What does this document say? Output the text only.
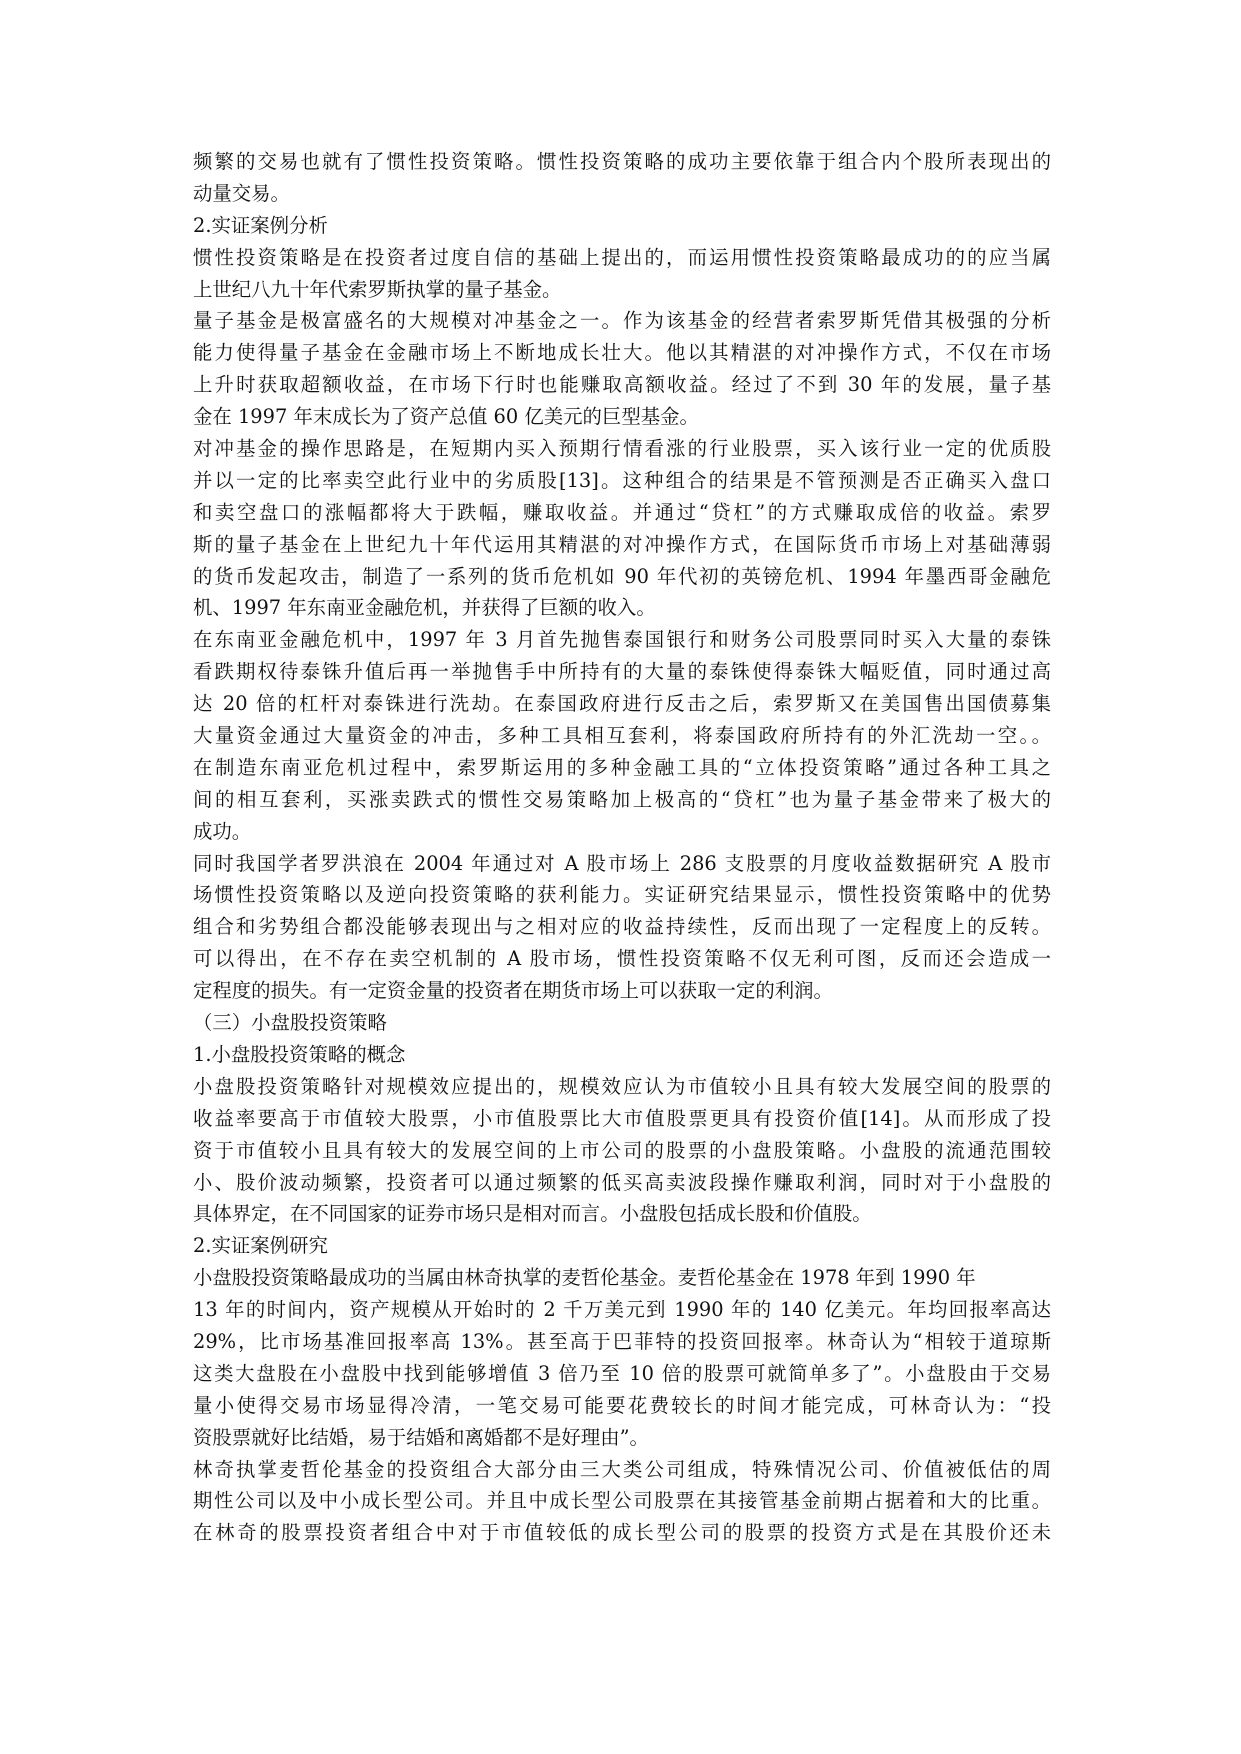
频繁的交易也就有了惯性投资策略。惯性投资策略的成功主要依靠于组合内个股所表现出的
动量交易。
2.实证案例分析
惯性投资策略是在投资者过度自信的基础上提出的，而运用惯性投资策略最成功的的应当属
上世纪八九十年代索罗斯执掌的量子基金。
量子基金是极富盛名的大规模对冲基金之一。作为该基金的经营者索罗斯凭借其极强的分析
能力使得量子基金在金融市场上不断地成长壮大。他以其精湛的对冲操作方式，不仅在市场
上升时获取超额收益，在市场下行时也能赚取高额收益。经过了不到 30 年的发展，量子基
金在 1997 年末成长为了资产总值 60 亿美元的巨型基金。
对冲基金的操作思路是，在短期内买入预期行情看涨的行业股票，买入该行业一定的优质股
并以一定的比率卖空此行业中的劣质股[13]。这种组合的结果是不管预测是否正确买入盘口
和卖空盘口的涨幅都将大于跌幅，赚取收益。并通过“贷杠”的方式赚取成倍的收益。索罗
斯的量子基金在上世纪九十年代运用其精湛的对冲操作方式，在国际货币市场上对基础薄弱
的货币发起攻击，制造了一系列的货币危机如 90 年代初的英镑危机、1994 年墨西哥金融危
机、1997 年东南亚金融危机，并获得了巨额的收入。
在东南亚金融危机中，1997 年 3 月首先抛售泰国银行和财务公司股票同时买入大量的泰铢
看跌期权待泰铢升值后再一举抛售手中所持有的大量的泰铢使得泰铢大幅贬值，同时通过高
达 20 倍的杠杆对泰铢进行洗劫。在泰国政府进行反击之后，索罗斯又在美国售出国债募集
大量资金通过大量资金的冲击，多种工具相互套利，将泰国政府所持有的外汇洗劫一空。。
在制造东南亚危机过程中，索罗斯运用的多种金融工具的“立体投资策略”通过各种工具之
间的相互套利，买涨卖跌式的惯性交易策略加上极高的“贷杠”也为量子基金带来了极大的
成功。
同时我国学者罗洪浪在 2004 年通过对 A 股市场上 286 支股票的月度收益数据研究 A 股市
场惯性投资策略以及逆向投资策略的获利能力。实证研究结果显示，惯性投资策略中的优势
组合和劣势组合都没能够表现出与之相对应的收益持续性，反而出现了一定程度上的反转。
可以得出，在不存在卖空机制的 A 股市场，惯性投资策略不仅无利可图，反而还会造成一
定程度的损失。有一定资金量的投资者在期货市场上可以获取一定的利润。
（三）小盘股投资策略
1.小盘股投资策略的概念
小盘股投资策略针对规模效应提出的，规模效应认为市值较小且具有较大发展空间的股票的
收益率要高于市值较大股票，小市值股票比大市值股票更具有投资价值[14]。从而形成了投
资于市值较小且具有较大的发展空间的上市公司的股票的小盘股策略。小盘股的流通范围较
小、股价波动频繁，投资者可以通过频繁的低买高卖波段操作赚取利润，同时对于小盘股的
具体界定，在不同国家的证券市场只是相对而言。小盘股包括成长股和价值股。
2.实证案例研究
小盘股投资策略最成功的当属由林奇执掌的麦哲伦基金。麦哲伦基金在 1978 年到 1990 年
13 年的时间内，资产规模从开始时的 2 千万美元到 1990 年的 140 亿美元。年均回报率高达
29%，比市场基准回报率高 13%。甚至高于巴菲特的投资回报率。林奇认为“相较于道琼斯
这类大盘股在小盘股中找到能够增值 3 倍乃至 10 倍的股票可就简单多了”。小盘股由于交易
量小使得交易市场显得冷清，一笔交易可能要花费较长的时间才能完成，可林奇认为：“投
资股票就好比结婚，易于结婚和离婚都不是好理由”。
林奇执掌麦哲伦基金的投资组合大部分由三大类公司组成，特殊情况公司、价值被低估的周
期性公司以及中小成长型公司。并且中成长型公司股票在其接管基金前期占据着和大的比重。
在林奇的股票投资者组合中对于市值较低的成长型公司的股票的投资方式是在其股价还未
